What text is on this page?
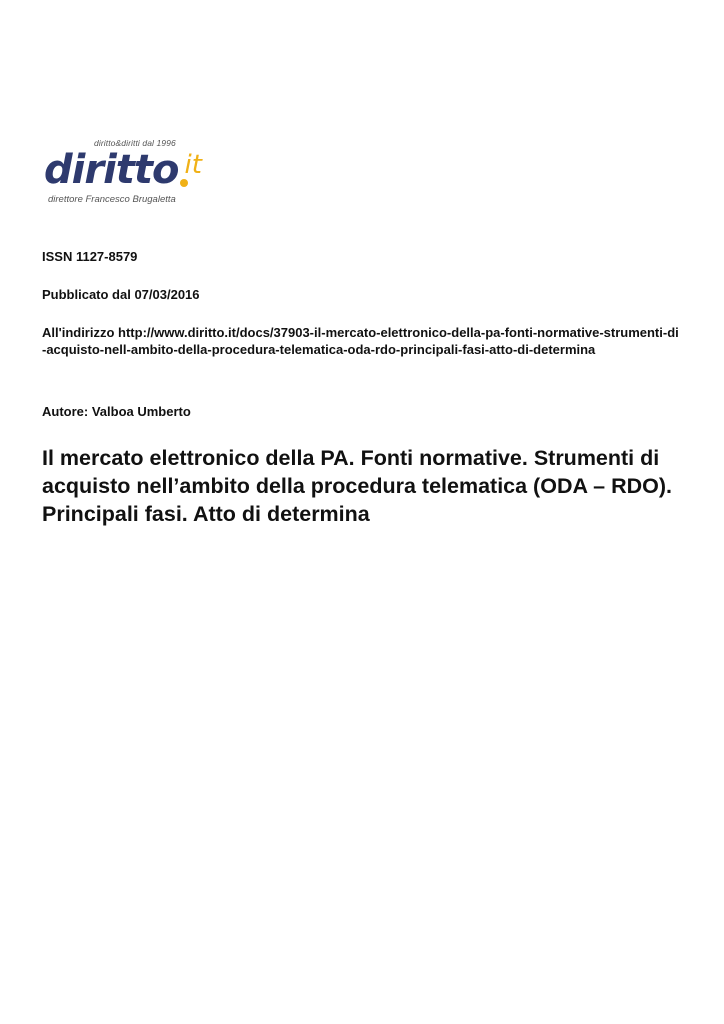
diritto&diritti dal 1996
diritto it
direttore Francesco Brugaletta
ISSN 1127-8579
Pubblicato dal 07/03/2016
All'indirizzo http://www.diritto.it/docs/37903-il-mercato-elettronico-della-pa-fonti-normative-strumenti-di-acquisto-nell-ambito-della-procedura-telematica-oda-rdo-principali-fasi-atto-di-determina
Autore: Valboa Umberto
Il mercato elettronico della PA. Fonti normative. Strumenti di acquisto nell’ambito della procedura telematica (ODA – RDO). Principali fasi. Atto di determina
